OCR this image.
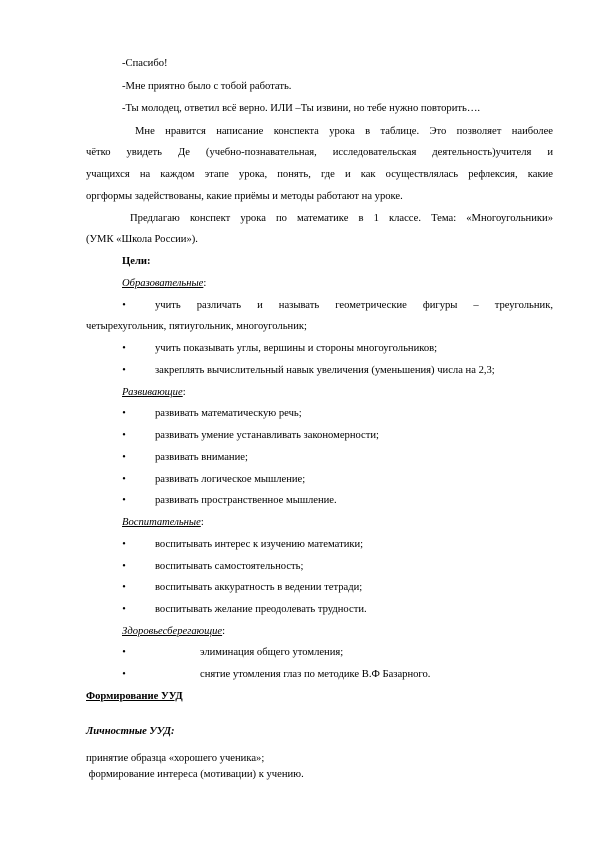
-Спасибо!
-Мне приятно было с тобой работать.
-Ты молодец, ответил всё верно. ИЛИ –Ты извини, но тебе нужно повторить….
Мне нравится написание конспекта урока в таблице. Это позволяет наиболее
чётко увидеть Де (учебно-познавательная, исследовательская деятельность)учителя и
учащихся на каждом этапе урока, понять, где и как осуществлялась рефлексия, какие
оргформы задействованы, какие приёмы и методы работают на уроке.
Предлагаю конспект урока по математике в 1 классе. Тема: «Многоугольники»
(УМК «Школа России»).
Цели:
Образовательные:
•	учить различать и называть геометрические фигуры – треугольник,
четырехугольник, пятиугольник, многоугольник;
•	учить показывать углы, вершины и стороны многоугольников;
•	закреплять вычислительный навык увеличения (уменьшения) числа на 2,3;
Развивающие:
•	развивать математическую речь;
•	развивать умение устанавливать закономерности;
•	развивать внимание;
•	развивать логическое мышление;
•	развивать пространственное мышление.
Воспитательные:
•	воспитывать интерес к изучению математики;
•	воспитывать самостоятельность;
•	воспитывать аккуратность в ведении тетради;
•	воспитывать желание преодолевать трудности.
Здоровьесберегающие:
•	элиминация общего утомления;
•	снятие утомления глаз по методике В.Ф Базарного.
Формирование УУД
Личностные УУД:
принятие образца «хорошего ученика»;
формирование интереса (мотивации) к учению.
